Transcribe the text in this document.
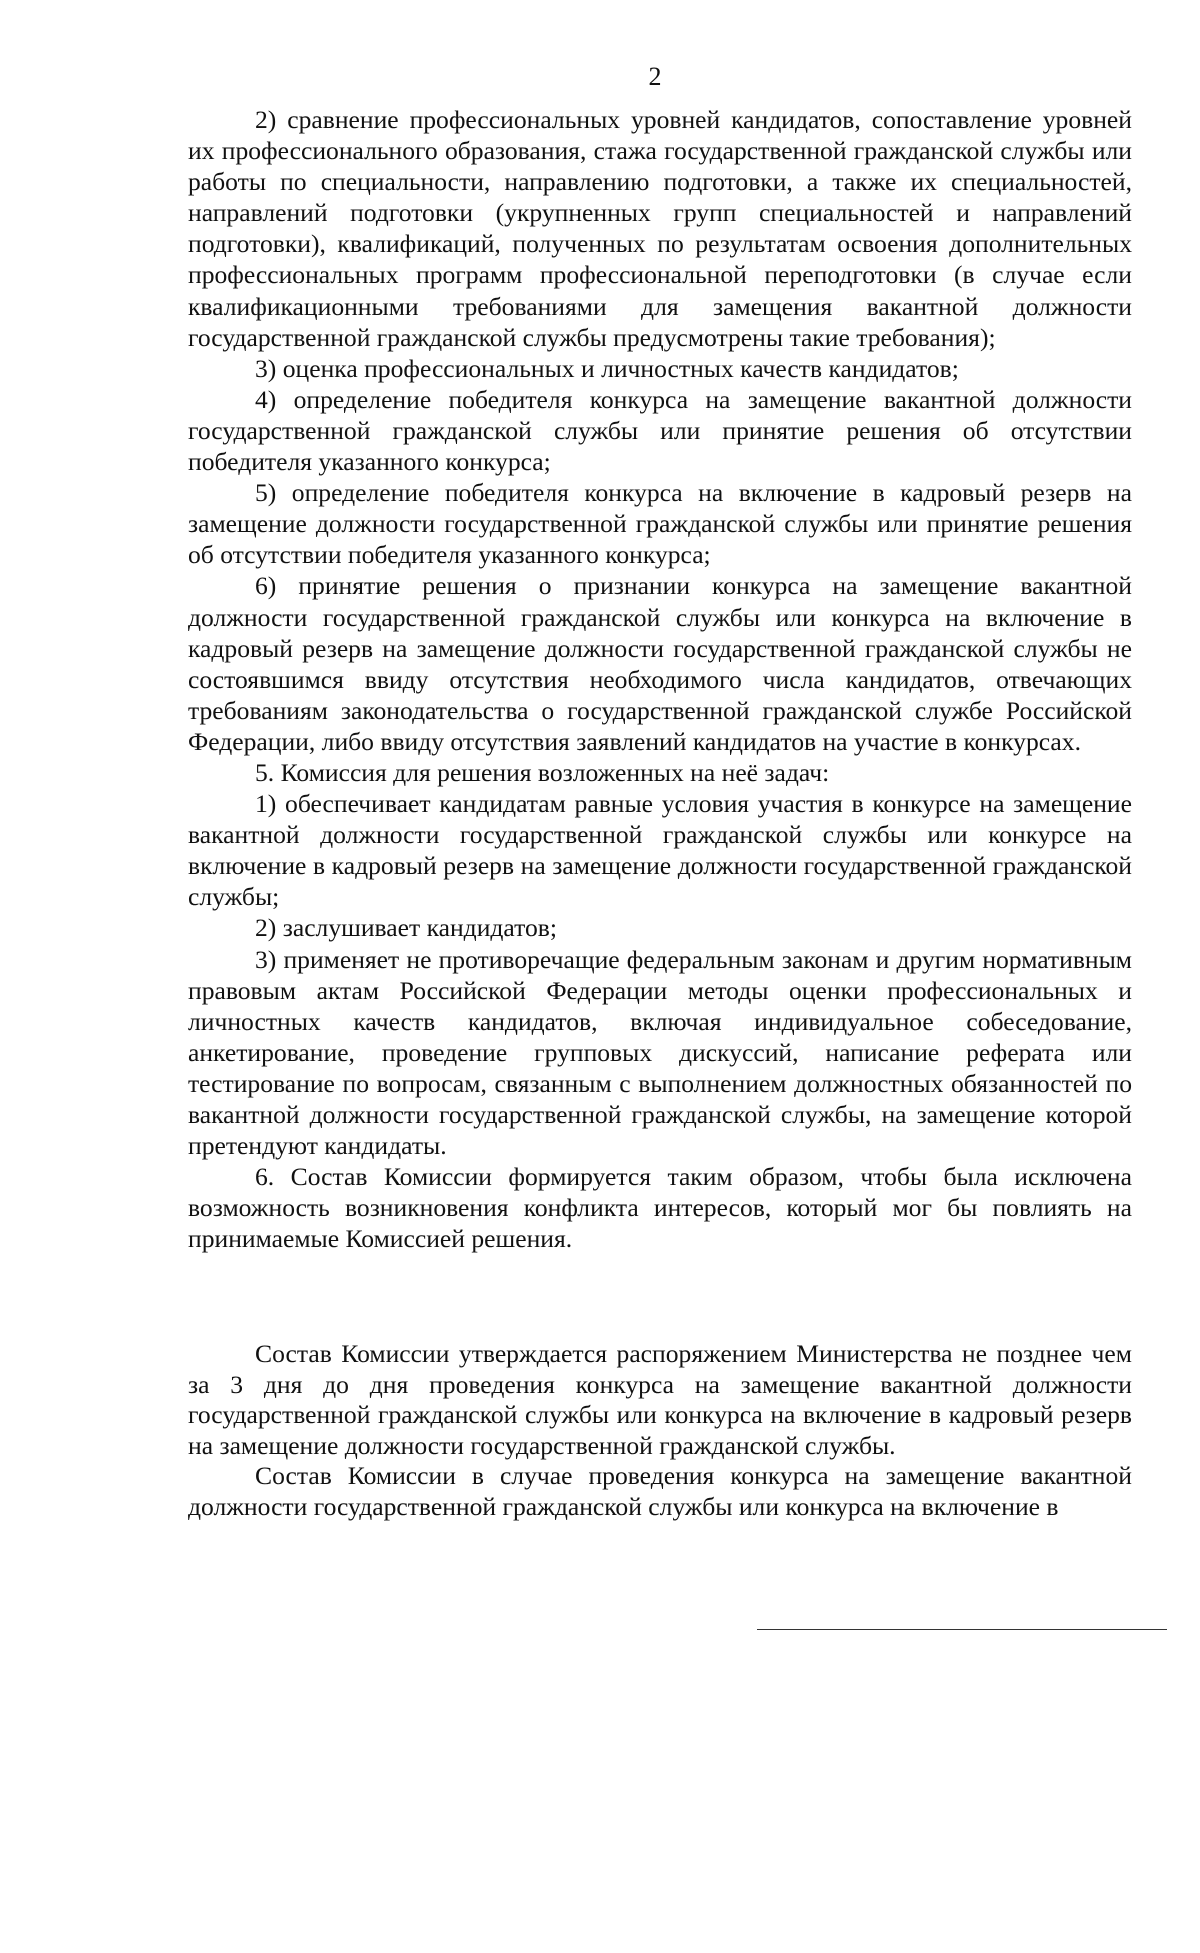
2

2) сравнение профессиональных уровней кандидатов, сопоставление уровней их профессионального образования, стажа государственной гражданской службы или работы по специальности, направлению подготовки, а также их специальностей, направлений подготовки (укрупненных групп специальностей и направлений подготовки), квалификаций, полученных по результатам освоения дополнительных профессиональных программ профессиональной переподготовки (в случае если квалификационными требованиями для замещения вакантной должности государственной гражданской службы предусмотрены такие требования);

3) оценка профессиональных и личностных качеств кандидатов;

4) определение победителя конкурса на замещение вакантной должности государственной гражданской службы или принятие решения об отсутствии победителя указанного конкурса;

5) определение победителя конкурса на включение в кадровый резерв на замещение должности государственной гражданской службы или принятие решения об отсутствии победителя указанного конкурса;

6) принятие решения о признании конкурса на замещение вакантной должности государственной гражданской службы или конкурса на включение в кадровый резерв на замещение должности государственной гражданской службы не состоявшимся ввиду отсутствия необходимого числа кандидатов, отвечающих требованиям законодательства о государственной гражданской службе Российской Федерации, либо ввиду отсутствия заявлений кандидатов на участие в конкурсах.

5. Комиссия для решения возложенных на неё задач:

1) обеспечивает кандидатам равные условия участия в конкурсе на замещение вакантной должности государственной гражданской службы или конкурсе на включение в кадровый резерв на замещение должности государственной гражданской службы;

2) заслушивает кандидатов;

3) применяет не противоречащие федеральным законам и другим нормативным правовым актам Российской Федерации методы оценки профессиональных и личностных качеств кандидатов, включая индивидуальное собеседование, анкетирование, проведение групповых дискуссий, написание реферата или тестирование по вопросам, связанным с выполнением должностных обязанностей по вакантной должности государственной гражданской службы, на замещение которой претендуют кандидаты.

6. Состав Комиссии формируется таким образом, чтобы была исключена возможность возникновения конфликта интересов, который мог бы повлиять на принимаемые Комиссией решения.

Состав Комиссии утверждается распоряжением Министерства не позднее чем за 3 дня до дня проведения конкурса на замещение вакантной должности государственной гражданской службы или конкурса на включение в кадровый резерв на замещение должности государственной гражданской службы.

Состав Комиссии в случае проведения конкурса на замещение вакантной должности государственной гражданской службы или конкурса на включение в
